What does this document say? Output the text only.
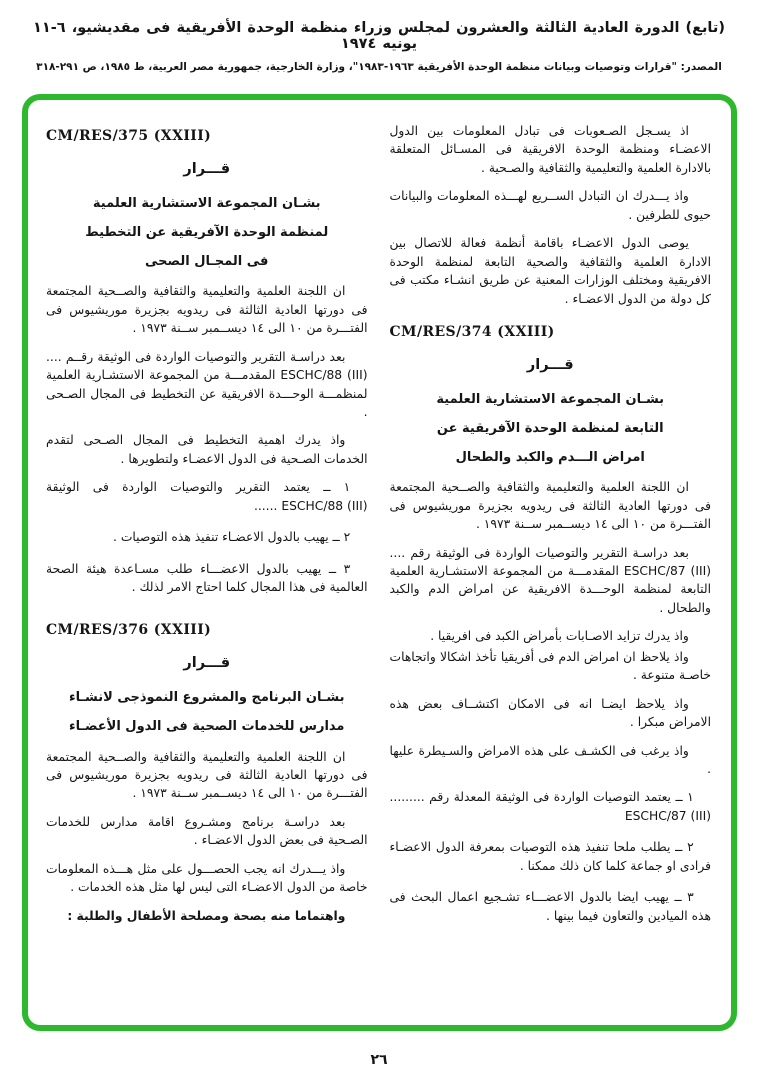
(تابع) الدورة العادية الثالثة والعشرون لمجلس وزراء منظمة الوحدة الأفريقية فى مقديشيو، ٦-١١ يونيه ١٩٧٤
المصدر: "قرارات وتوصيات وبيانات منظمة الوحدة الأفريقية ١٩٦٣-١٩٨٣"، وزارة الخارجية، جمهورية مصر العربية، ط ١٩٨٥، ص ٢٩١-٣١٨

اذ يسـجل الصـعوبات فى تبادل المعلومات بين الدول الاعضـاء ومنظمة الوحدة الافريقية فى المسـائل المتعلقة بالادارة العلمية والتعليمية والثقافية والصـحية .

واذ يـــدرك ان التبادل الســريع لهـــذه المعلومات والبيانات حيوى للطرفين .

يوصى الدول الاعضـاء باقامة أنظمة فعالة للاتصال بين الادارة العلمية والثقافية والصحية التابعة لمنظمة الوحدة الافريقية ومختلف الوزارات المعنية عن طريق انشـاء مكتب فى كل دولة من الدول الاعضـاء .

CM/RES/374 (XXIII)
قـــرار
بشـان المجموعة الاستشارية العلمية
التابعة لمنظمة الوحدة الآفريقية عن
امراض الـــدم والكبد والطحال

ان اللجنة العلمية والتعليمية والثقافية والصــحية المجتمعة فى دورتها العادية الثالثة فى ريدويه بجزيرة موريشيوس فى الفتـــرة من ١٠ الى ١٤ ديســمبر ســنة ١٩٧٣ .

بعد دراسـة التقرير والتوصيات الواردة فى الوثيقة رقم .... ESCHC/87 (III) المقدمـــة من المجموعة الاستشـارية العلمية التابعة لمنظمة الوحـــدة الافريقية عن امراض الدم والكبد والطحال .

واذ يدرك تزايد الاصـابات بأمراض الكبد فى افريقيا .

واذ يلاحظ ان امراض الدم فى أفريقيا تأخذ اشكالا واتجاهات خاصـة متنوعة .

واذ يلاحظ ايضـا انه فى الامكان اكتشــاف بعض هذه الامراض مبكرا .

واذ يرغب فى الكشـف على هذه الامراض والسـيطرة عليها .

١ ــ يعتمد التوصيات الواردة فى الوثيقة المعدلة رقم ......... ESCHC/87 (III)

٢ ــ يطلب ملحا تنفيذ هذه التوصيات بمعرفة الدول الاعضـاء فرادى او جماعة كلما كان ذلك ممكنا .

٣ ــ يهيب ايضا بالدول الاعضـــاء تشـجيع اعمال البحث فى هذه الميادين والتعاون فيما بينها .

CM/RES/375 (XXIII)
قـــرار
بشـان المجموعة الاستشارية العلمية
لمنظمة الوحدة الآفريقية عن التخطيط
فى المجـال الصحى

ان اللجنة العلمية والتعليمية والثقافية والصــحية المجتمعة فى دورتها العادية الثالثة فى ريدويه بجزيرة موريشيوس فى الفتـــرة من ١٠ الى ١٤ ديســمبر ســنة ١٩٧٣ .

بعد دراسـة التقرير والتوصيات الواردة فى الوثيقة رقــم .... ESCHC/88 (III) المقدمـــة من المجموعة الاستشـارية العلمية لمنظمـــة الوحـــدة الافريقية عن التخطيط فى المجال الصـحى .

واذ يدرك اهمية التخطيط فى المجال الصـحى لتقدم الخدمات الصـحية فى الدول الاعضـاء ولتطويرها .

١ ــ يعتمد التقرير والتوصيات الواردة فى الوثيقة ESCHC/88 (III) ......

٢ ــ يهيب بالدول الاعضـاء تنفيذ هذه التوصيات .

٣ ــ يهيب بالدول الاعضـــاء طلب مسـاعدة هيئة الصحة العالمية فى هذا المجال كلما احتاج الامر لذلك .

CM/RES/376 (XXIII)
قـــرار
بشـان البرنامج والمشروع النموذجى لانشـاء
مدارس للخدمات الصحية فى الدول الأعضـاء

ان اللجنة العلمية والتعليمية والثقافية والصــحية المجتمعة فى دورتها العادية الثالثة فى ريدويه بجزيرة موريشيوس فى الفتـــرة من ١٠ الى ١٤ ديســمبر ســنة ١٩٧٣ .

بعد دراسـة برنامج ومشـروع اقامة مدارس للخدمات الصـحية فى بعض الدول الاعضـاء .

واذ يـــدرك انه يجب الحصـــول على مثل هـــذه المعلومات خاصة من الدول الاعضـاء التى ليس لها مثل هذه الخدمات .

واهتماما منه بصحة ومصلحة الأطفال والطلبة :

٢٦
